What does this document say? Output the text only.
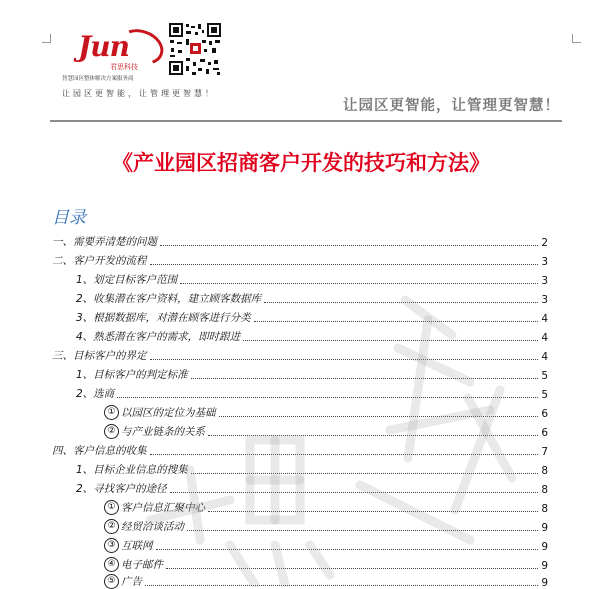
Jun
君思科技
智慧园区整体解决方案服务商
让园区更智能，让管理更智慧！
让园区更智能，让管理更智慧！
《产业园区招商客户开发的技巧和方法》
目录
一、需要弄清楚的问题	2
二、客户开发的流程	3
1、划定目标客户范围	3
2、收集潜在客户资料，建立顾客数据库	3
3、根据数据库，对潜在顾客进行分类	4
4、熟悉潜在客户的需求，即时跟进	4
三、目标客户的界定	4
1、目标客户的判定标准	5
2、选商	5
① 以园区的定位为基础	6
② 与产业链条的关系	6
四、客户信息的收集	7
1、目标企业信息的搜集	8
2、寻找客户的途径	8
① 客户信息汇聚中心	8
② 经贸洽谈活动	9
③ 互联网	9
④ 电子邮件	9
⑤ 广告	9
